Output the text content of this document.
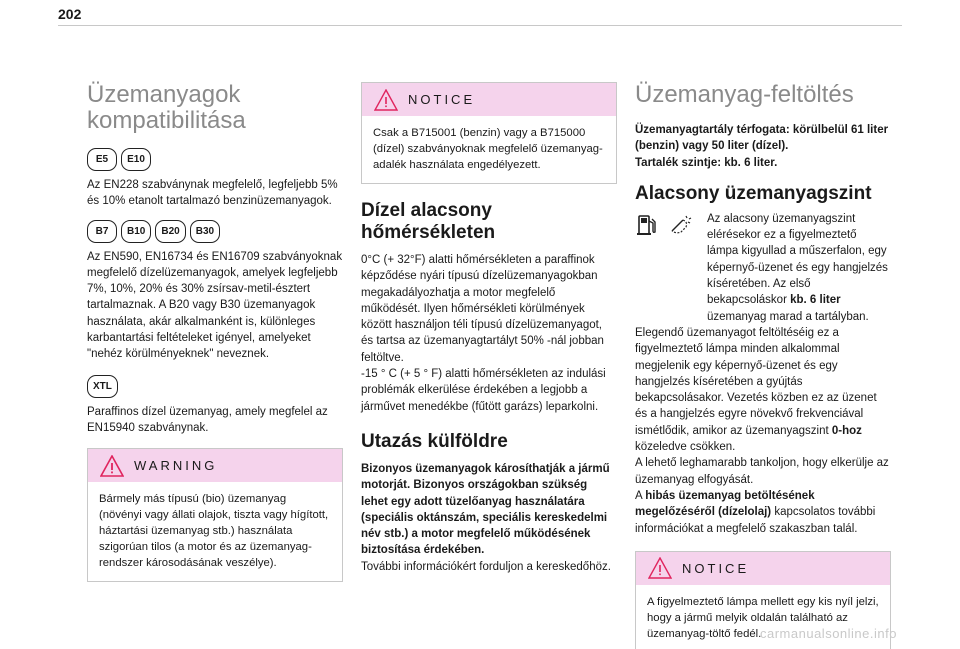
202
Üzemanyagok kompatibilitása
E5	E10

Az EN228 szabványnak megfelelő, legfeljebb 5% és 10% etanolt tartalmazó benzinüzemanyagok.

B7	B10	B20	B30

Az EN590, EN16734 és EN16709 szabványoknak megfelelő dízelüzemanyagok, amelyek legfeljebb 7%, 10%, 20% és 30% zsírsav-metil-észtert tartalmaznak. A B20 vagy B30 üzemanyagok használata, akár alkalmanként is, különleges karbantartási feltételeket igényel, amelyeket "nehéz körülményeknek" neveznek.

XTL

Paraffinos dízel üzemanyag, amely megfelel az EN15940 szabványnak.

WARNING
Bármely más típusú (bio) üzemanyag (növényi vagy állati olajok, tiszta vagy hígított, háztartási üzemanyag stb.) használata szigorúan tilos (a motor és az üzemanyag-rendszer károsodásának veszélye).
NOTICE
Csak a B715001 (benzin) vagy a B715000 (dízel) szabványoknak megfelelő üzemanyag-adalék használata engedélyezett.
Dízel alacsony hőmérsékleten

0°C (+ 32°F) alatti hőmérsékleten a paraffinok képződése nyári típusú dízelüzemanyagokban megakadályozhatja a motor megfelelő működését. Ilyen hőmérsékleti körülmények között használjon téli típusú dízelüzemanyagot, és tartsa az üzemanyagtartályt 50% -nál jobban feltöltve.

-15 ° C (+ 5 ° F) alatti hőmérsékleten az indulási problémák elkerülése érdekében a legjobb a járművet menedékbe (fűtött garázs) leparkolni.

Utazás külföldre

Bizonyos üzemanyagok károsíthatják a jármű motorját. Bizonyos országokban szükség lehet egy adott tüzelőanyag használatára (speciális oktánszám, speciális kereskedelmi név stb.) a motor megfelelő működésének biztosítása érdekében.

További információkért forduljon a kereskedőhöz.

Üzemanyag-feltöltés

Üzemanyagtartály térfogata: körülbelül 61 liter (benzin) vagy 50 liter (dízel).

Tartalék szintje: kb. 6 liter.

Alacsony üzemanyagszint

Az alacsony üzemanyagszint elérésekor ez a figyelmeztető lámpa kigyullad a műszerfalon, egy képernyő-üzenet és egy hangjelzés kíséretében. Az első bekapcsoláskor kb. 6 liter üzemanyag marad a tartályban.

Elegendő üzemanyagot feltöltéséig ez a figyelmeztető lámpa minden alkalommal megjelenik egy képernyő-üzenet és egy hangjelzés kíséretében a gyújtás bekapcsolásakor. Vezetés közben ez az üzenet és a hangjelzés egyre növekvő frekvenciával ismétlődik, amikor az üzemanyagszint 0-hoz közeledve csökken.

A lehető leghamarabb tankoljon, hogy elkerülje az üzemanyag elfogyását.

A hibás üzemanyag betöltésének megelőzéséről (dízelolaj) kapcsolatos további információkat a megfelelő szakaszban talál.

NOTICE
A figyelmeztető lámpa mellett egy kis nyíl jelzi, hogy a jármű melyik oldalán található az üzemanyag-töltő fedél.
carmanualsonline.info
